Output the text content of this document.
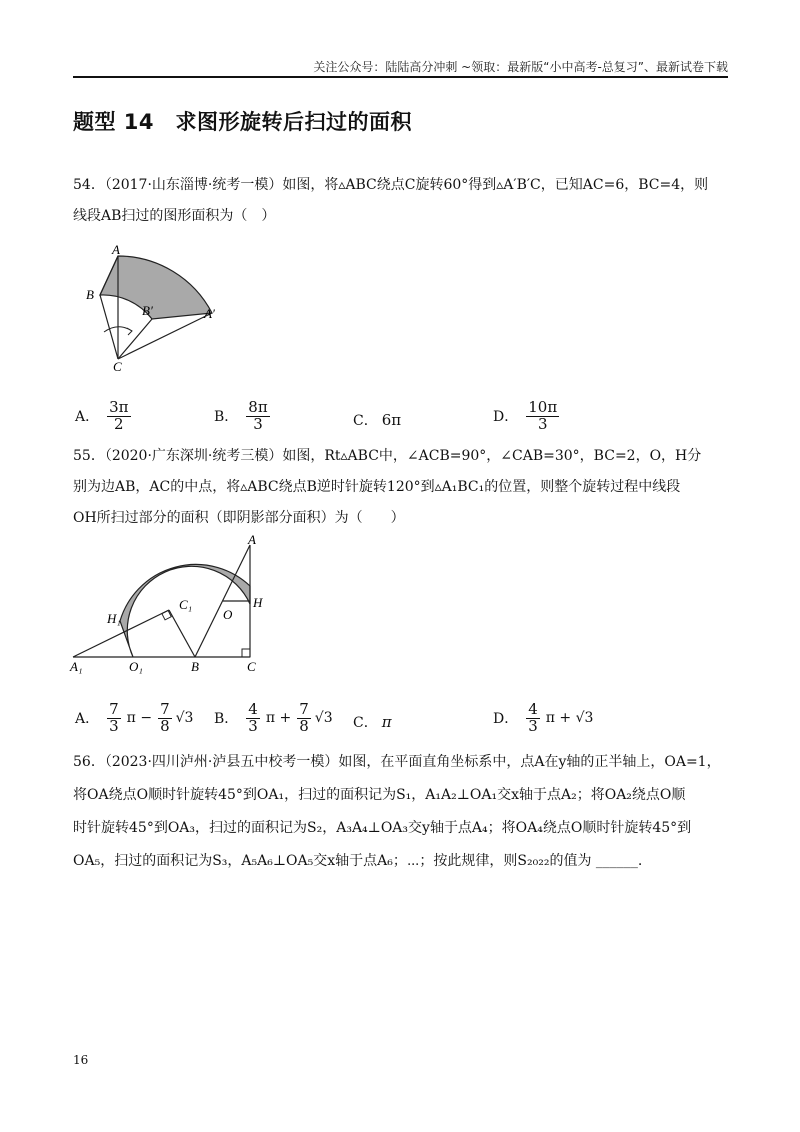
关注公众号：陆陆高分冲刺 ~领取：最新版“小中高考-总复习”、最新试卷下载
题型 14　求图形旋转后扫过的面积
54．（2017·山东淄博·统考一模）如图，将▵ABC绕点C旋转60°得到▵A′B′C，已知AC=6，BC=4，则
线段AB扫过的图形面积为（　）
A
B
B′	A′
C
A． $\frac{3\pi}{2}$	B． $\frac{8\pi}{3}$	C． 6π	D． $\frac{10\pi}{3}$
55．（2020·广东深圳·统考三模）如图，Rt▵ABC中，∠ACB=90°，∠CAB=30°，BC=2，O，H分
别为边AB，AC的中点，将▵ABC绕点B逆时针旋转120°到▵A₁BC₁的位置，则整个旋转过程中线段
OH所扫过部分的面积（即阴影部分面积）为（　　）
A
H
C₁
O
H₁
A₁	O₁	B	C
A． $\frac{7}{3}$ $\pi - \frac{7}{8} √3$ B． $\frac{4}{3}$ $\pi + \frac{7}{8} √3$ C． π	D． $\frac{4}{3}$ π + √3
56．（2023·四川泸州·泸县五中校考一模）如图，在平面直角坐标系中，点A在y轴的正半轴上，OA=1，
将OA绕点O顺时针旋转45°到OA₁，扫过的面积记为S₁，A₁A₂⊥OA₁交x轴于点A₂；将OA₂绕点O顺
时针旋转45°到OA₃，扫过的面积记为S₂，A₃A₄⊥OA₃交y轴于点A₄；将OA₄绕点O顺时针旋转45°到
OA₅，扫过的面积记为S₃，A₅A₆⊥OA₅交x轴于点A₆；⋯；按此规律，则S₂₀₂₂的值为 ______.
16
